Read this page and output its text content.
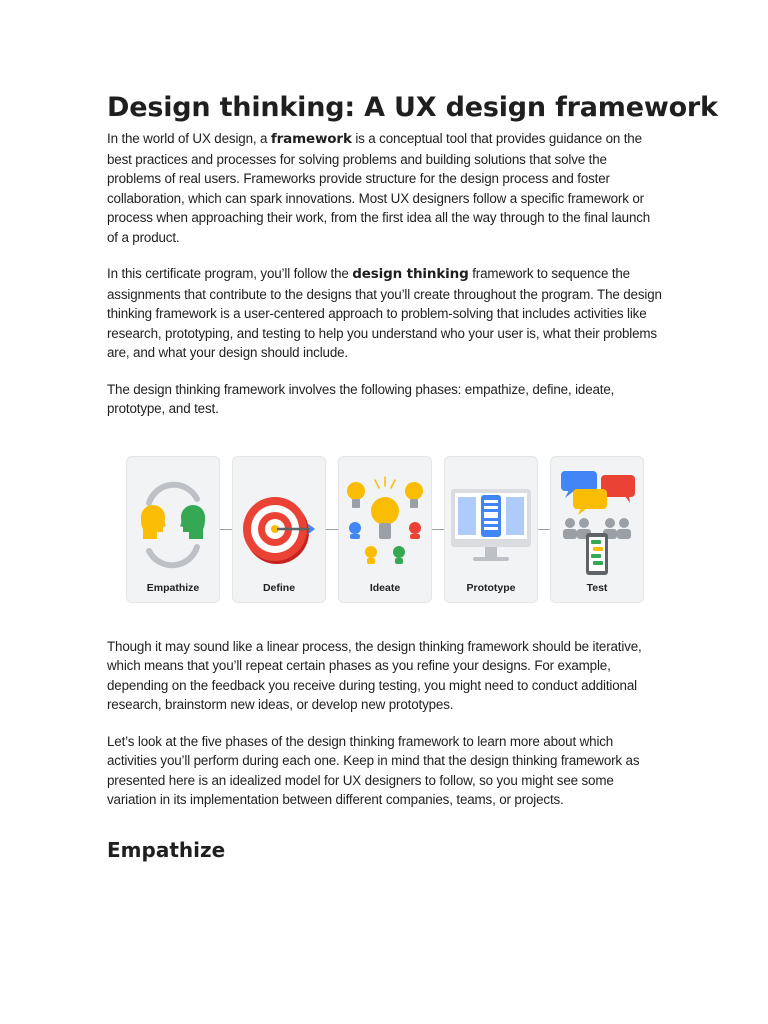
Design thinking: A UX design framework

In the world of UX design, a framework is a conceptual tool that provides guidance on the best practices and processes for solving problems and building solutions that solve the problems of real users. Frameworks provide structure for the design process and foster collaboration, which can spark innovations. Most UX designers follow a specific framework or process when approaching their work, from the first idea all the way through to the final launch of a product.

In this certificate program, you’ll follow the design thinking framework to sequence the assignments that contribute to the designs that you’ll create throughout the program. The design thinking framework is a user-centered approach to problem-solving that includes activities like research, prototyping, and testing to help you understand who your user is, what their problems are, and what your design should include.

The design thinking framework involves the following phases: empathize, define, ideate, prototype, and test.

Empathize	Define	Ideate	Prototype	Test

Though it may sound like a linear process, the design thinking framework should be iterative, which means that you’ll repeat certain phases as you refine your designs. For example, depending on the feedback you receive during testing, you might need to conduct additional research, brainstorm new ideas, or develop new prototypes.

Let’s look at the five phases of the design thinking framework to learn more about which activities you’ll perform during each one. Keep in mind that the design thinking framework as presented here is an idealized model for UX designers to follow, so you might see some variation in its implementation between different companies, teams, or projects.

Empathize
